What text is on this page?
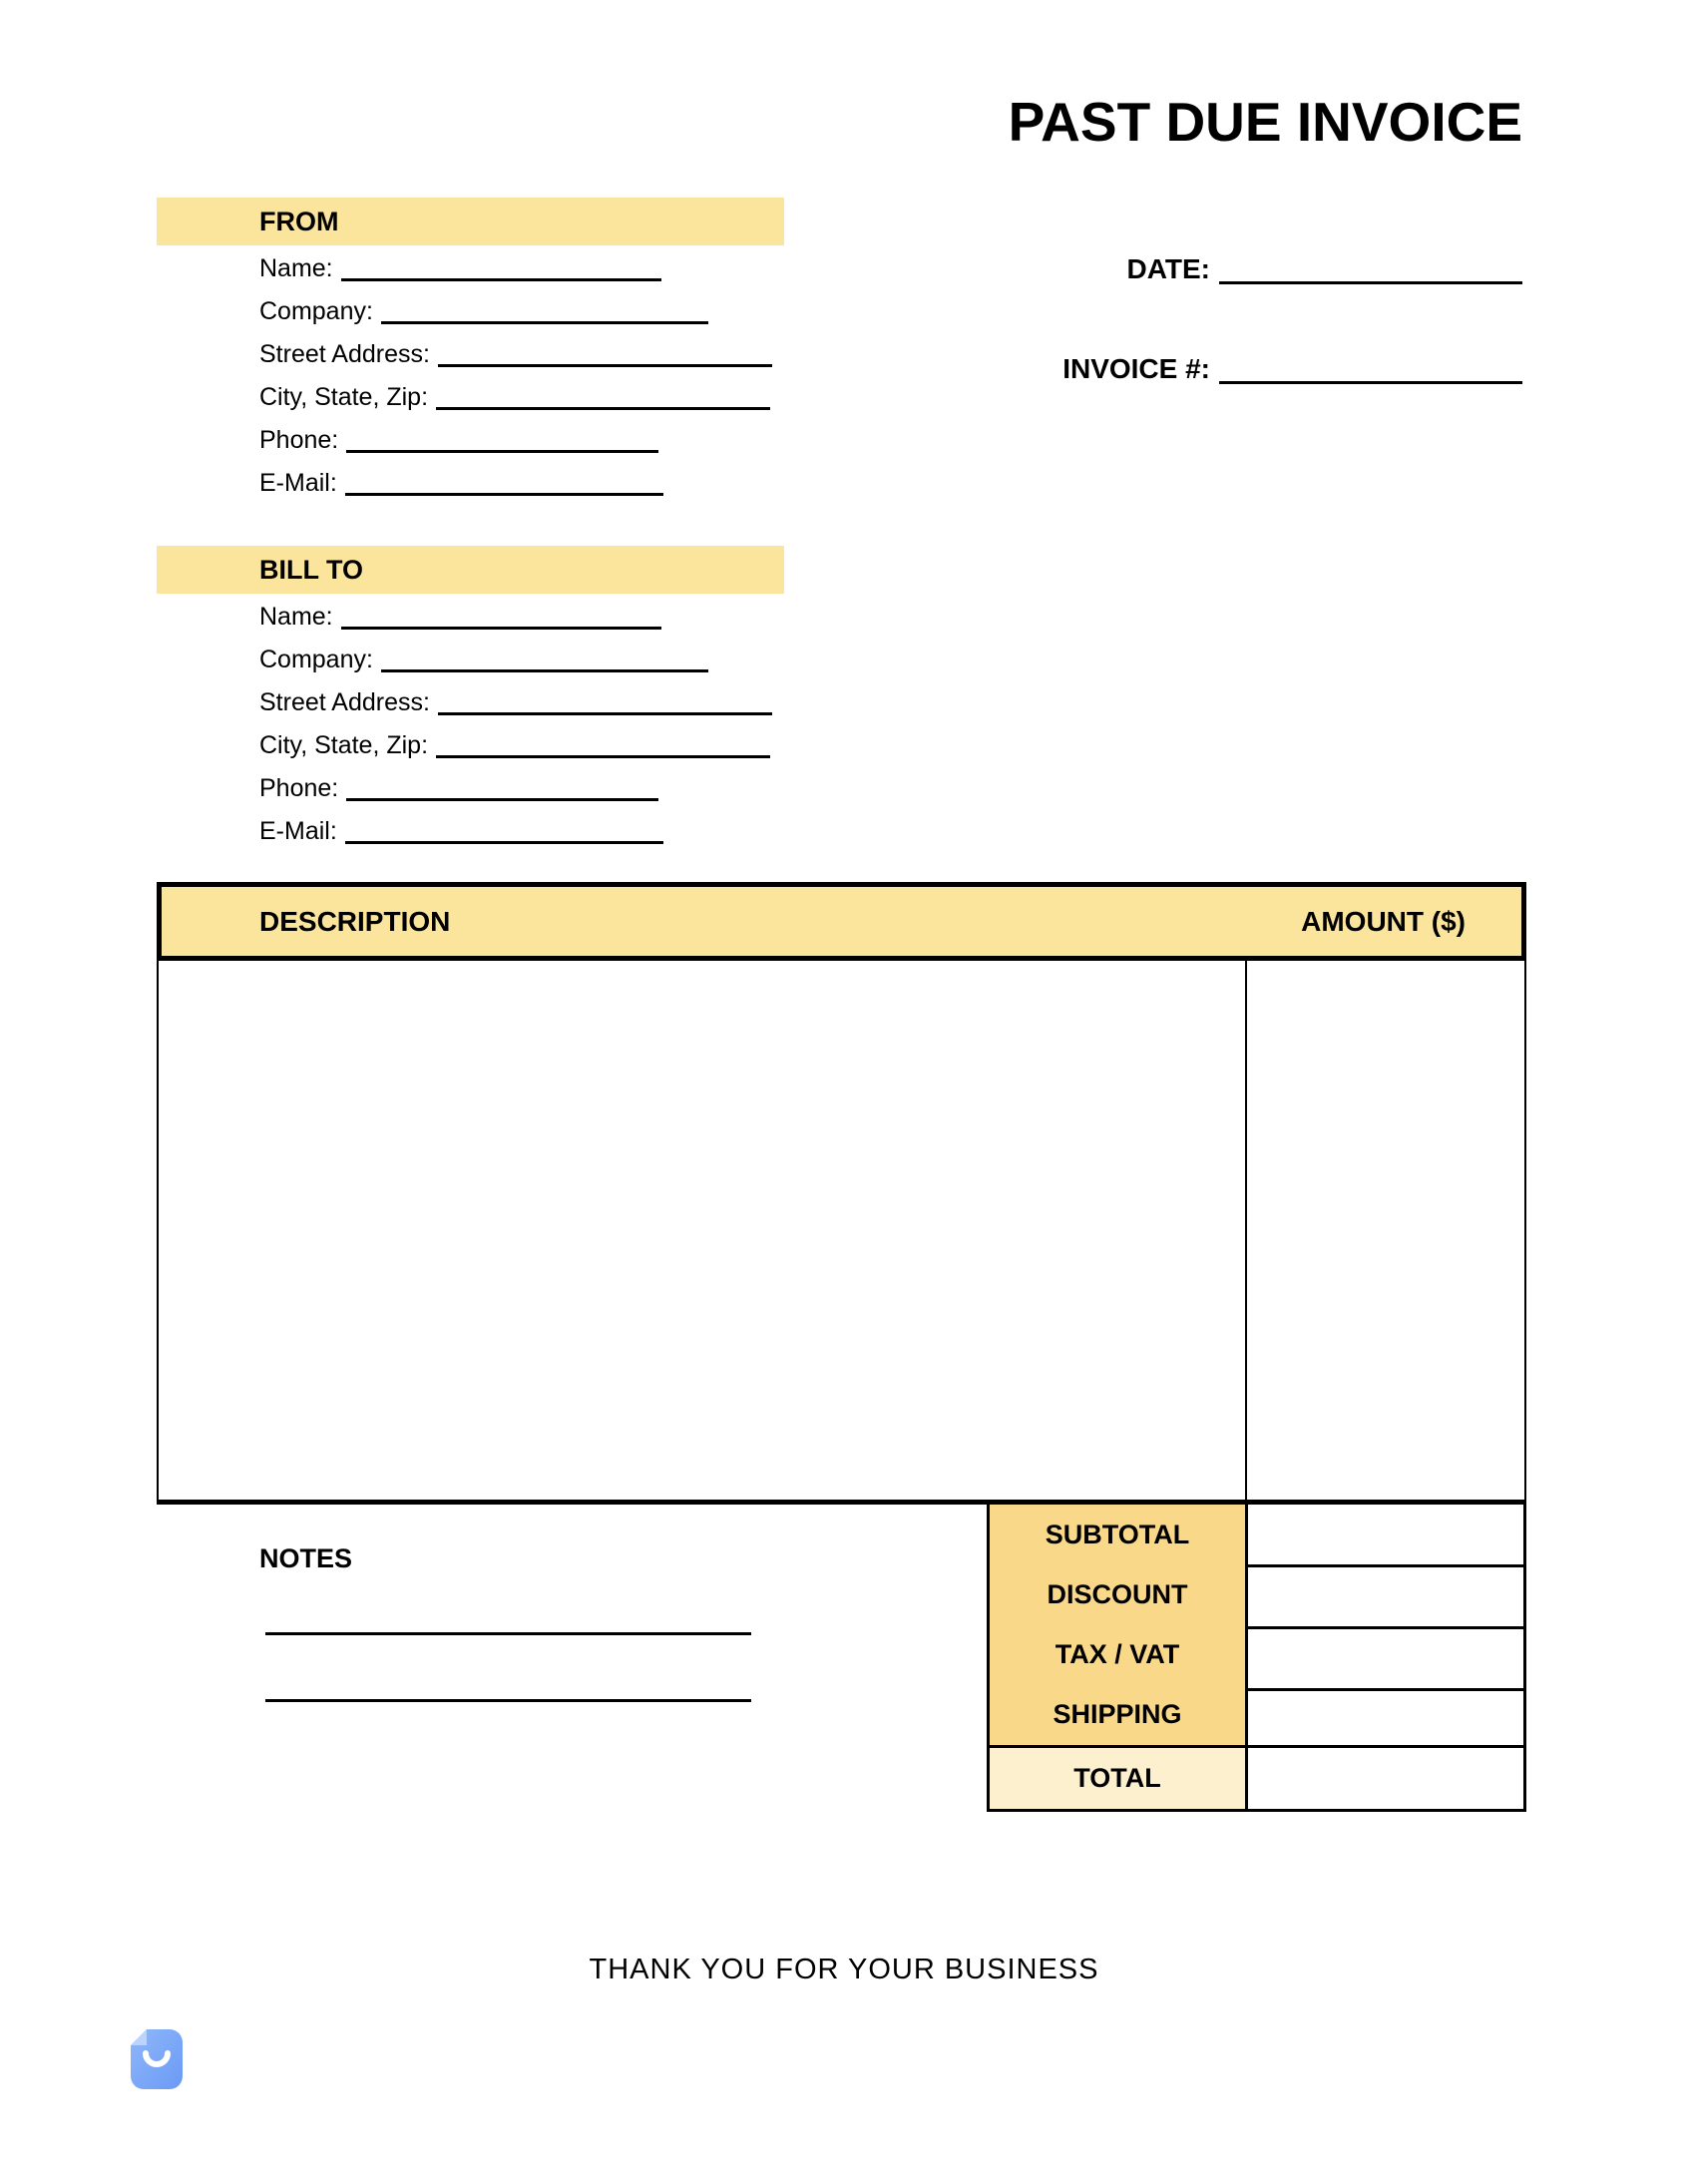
PAST DUE INVOICE
DATE:
INVOICE #:
FROM
Name:
Company:
Street Address:
City, State, Zip:
Phone:
E-Mail:
BILL TO
Name:
Company:
Street Address:
City, State, Zip:
Phone:
E-Mail:
DESCRIPTION	AMOUNT ($)
SUBTOTAL
DISCOUNT
TAX / VAT
SHIPPING
TOTAL
NOTES
THANK YOU FOR YOUR BUSINESS
